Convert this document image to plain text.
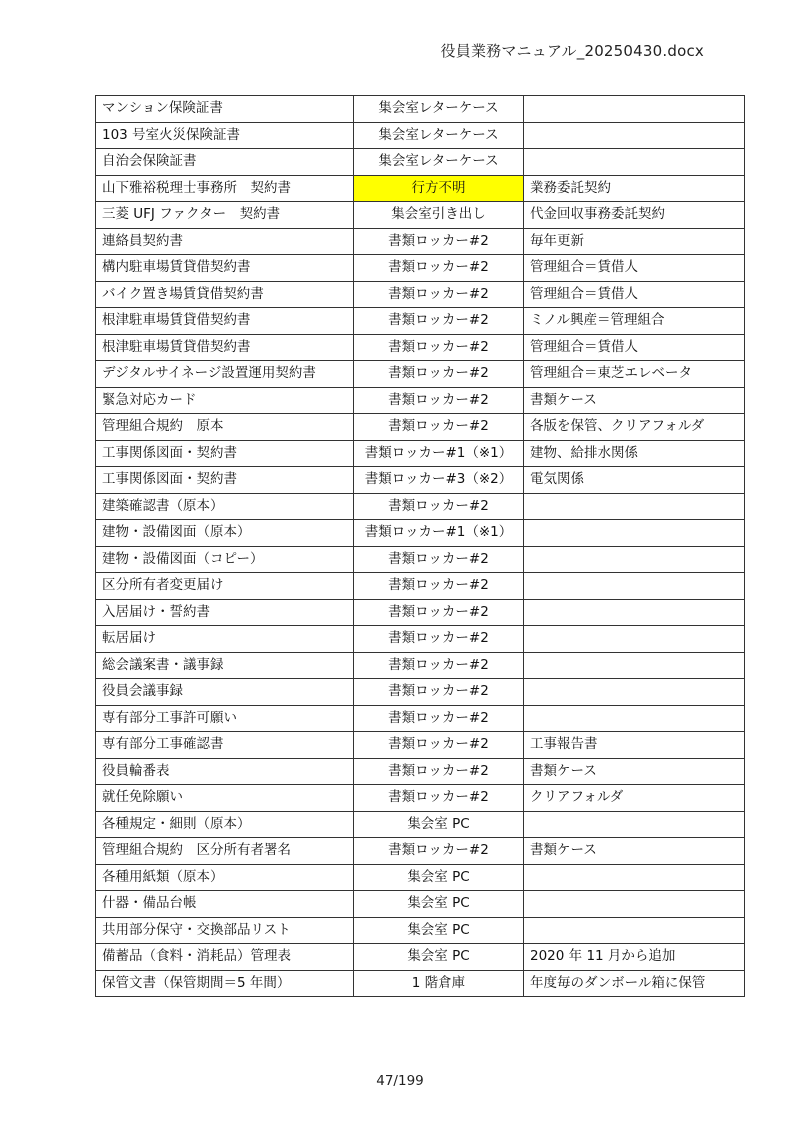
役員業務マニュアル_20250430.docx
マンション保険証書	集会室レターケース	
103 号室火災保険証書	集会室レターケース	
自治会保険証書	集会室レターケース	
山下雅裕税理士事務所　契約書	行方不明	業務委託契約
三菱 UFJ ファクター　契約書	集会室引き出し	代金回収事務委託契約
連絡員契約書	書類ロッカー#2	毎年更新
構内駐車場賃貸借契約書	書類ロッカー#2	管理組合＝賃借人
バイク置き場賃貸借契約書	書類ロッカー#2	管理組合＝賃借人
根津駐車場賃貸借契約書	書類ロッカー#2	ミノル興産＝管理組合
根津駐車場賃貸借契約書	書類ロッカー#2	管理組合＝賃借人
デジタルサイネージ設置運用契約書	書類ロッカー#2	管理組合＝東芝エレベータ
緊急対応カード	書類ロッカー#2	書類ケース
管理組合規約　原本	書類ロッカー#2	各版を保管、クリアフォルダ
工事関係図面・契約書	書類ロッカー#1（※1）	建物、給排水関係
工事関係図面・契約書	書類ロッカー#3（※2）	電気関係
建築確認書（原本）	書類ロッカー#2	
建物・設備図面（原本）	書類ロッカー#1（※1）	
建物・設備図面（コピー）	書類ロッカー#2	
区分所有者変更届け	書類ロッカー#2	
入居届け・誓約書	書類ロッカー#2	
転居届け	書類ロッカー#2	
総会議案書・議事録	書類ロッカー#2	
役員会議事録	書類ロッカー#2	
専有部分工事許可願い	書類ロッカー#2	
専有部分工事確認書	書類ロッカー#2	工事報告書
役員輪番表	書類ロッカー#2	書類ケース
就任免除願い	書類ロッカー#2	クリアフォルダ
各種規定・細則（原本）	集会室 PC	
管理組合規約　区分所有者署名	書類ロッカー#2	書類ケース
各種用紙類（原本）	集会室 PC	
什器・備品台帳	集会室 PC	
共用部分保守・交換部品リスト	集会室 PC	
備蓄品（食料・消耗品）管理表	集会室 PC	2020 年 11 月から追加
保管文書（保管期間＝5 年間）	1 階倉庫	年度毎のダンボール箱に保管
47/199
